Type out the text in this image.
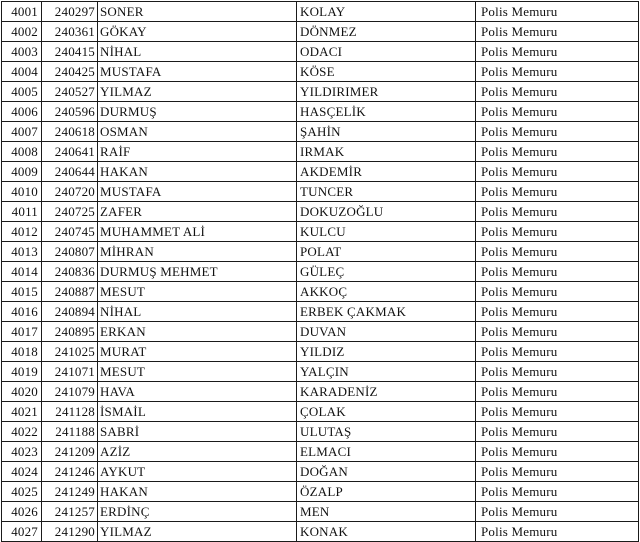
4001	240297	SONER	KOLAY	Polis Memuru
4002	240361	GÖKAY	DÖNMEZ	Polis Memuru
4003	240415	NİHAL	ODACI	Polis Memuru
4004	240425	MUSTAFA	KÖSE	Polis Memuru
4005	240527	YILMAZ	YILDIRIMER	Polis Memuru
4006	240596	DURMUŞ	HASÇELİK	Polis Memuru
4007	240618	OSMAN	ŞAHİN	Polis Memuru
4008	240641	RAİF	IRMAK	Polis Memuru
4009	240644	HAKAN	AKDEMİR	Polis Memuru
4010	240720	MUSTAFA	TUNCER	Polis Memuru
4011	240725	ZAFER	DOKUZOĞLU	Polis Memuru
4012	240745	MUHAMMET ALİ	KULCU	Polis Memuru
4013	240807	MİHRAN	POLAT	Polis Memuru
4014	240836	DURMUŞ MEHMET	GÜLEÇ	Polis Memuru
4015	240887	MESUT	AKKOÇ	Polis Memuru
4016	240894	NİHAL	ERBEK ÇAKMAK	Polis Memuru
4017	240895	ERKAN	DUVAN	Polis Memuru
4018	241025	MURAT	YILDIZ	Polis Memuru
4019	241071	MESUT	YALÇIN	Polis Memuru
4020	241079	HAVA	KARADENİZ	Polis Memuru
4021	241128	İSMAİL	ÇOLAK	Polis Memuru
4022	241188	SABRİ	ULUTAŞ	Polis Memuru
4023	241209	AZİZ	ELMACI	Polis Memuru
4024	241246	AYKUT	DOĞAN	Polis Memuru
4025	241249	HAKAN	ÖZALP	Polis Memuru
4026	241257	ERDİNÇ	MEN	Polis Memuru
4027	241290	YILMAZ	KONAK	Polis Memuru
